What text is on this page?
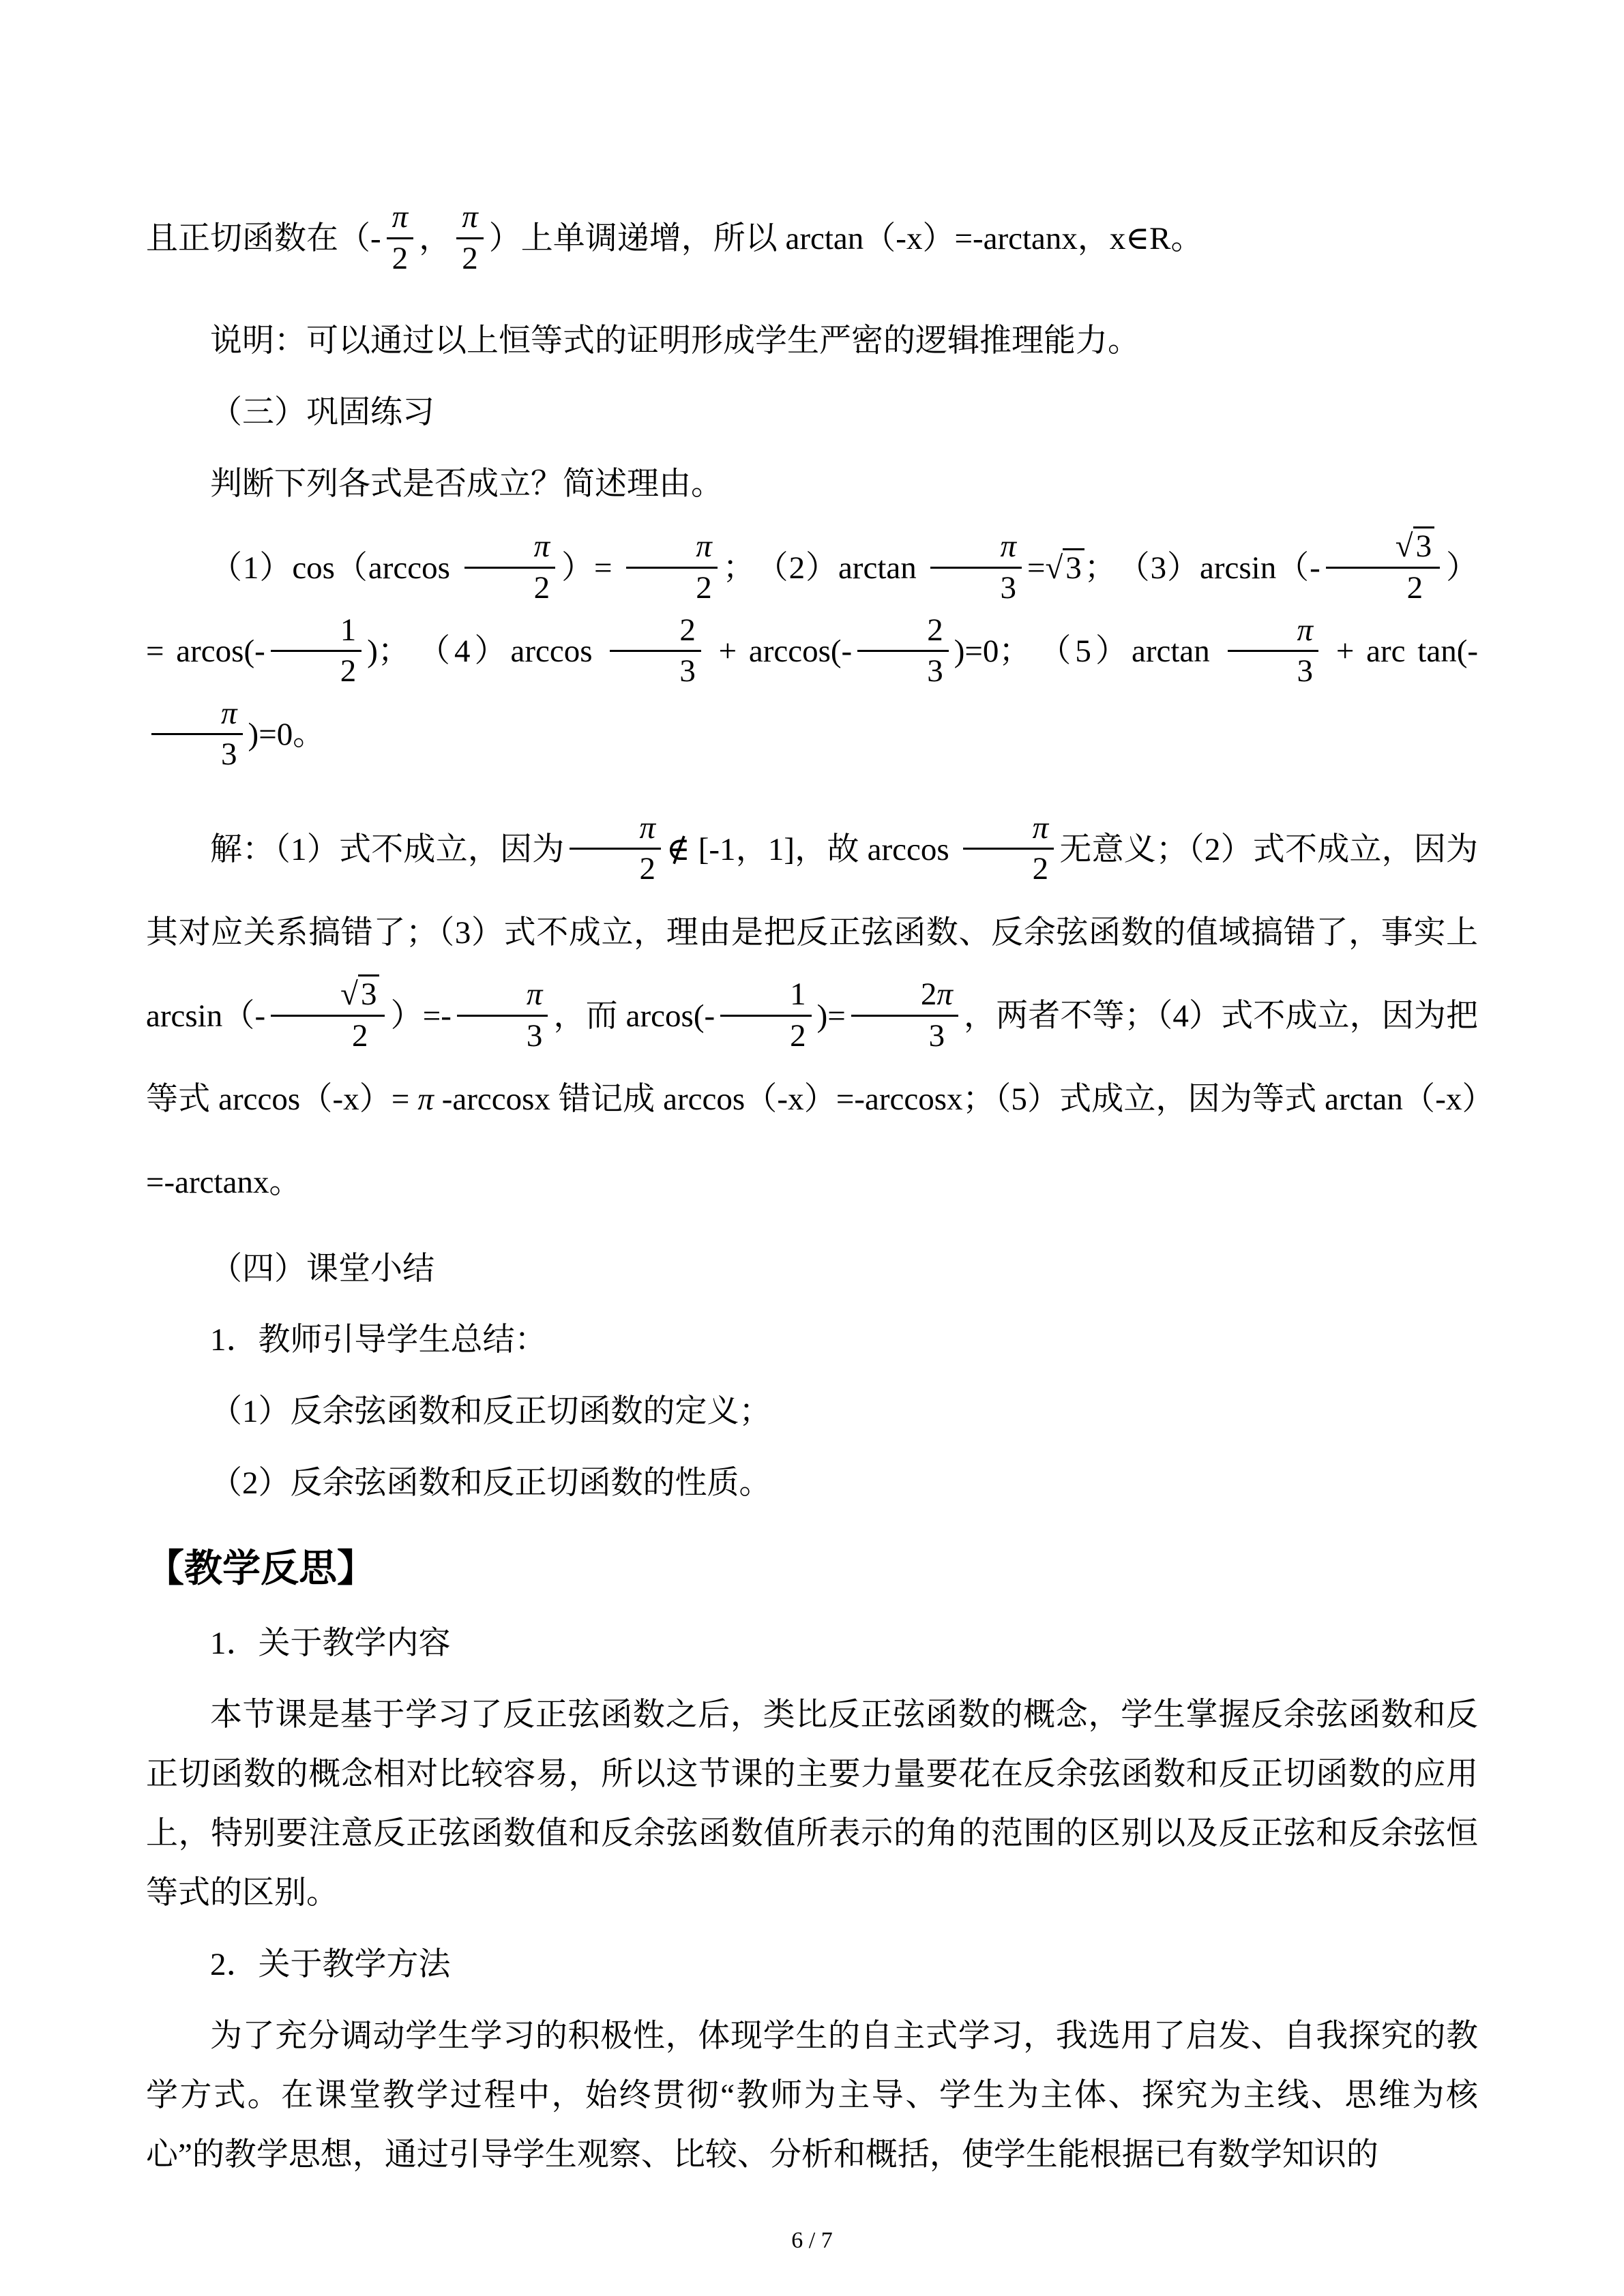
且正切函数在（- $\frac{\pi}{2}$ ， $\frac{\pi}{2}$ ）上单调递增，所以 arctan（-x）=-arctanx，x∈R。

说明：可以通过以上恒等式的证明形成学生严密的逻辑推理能力。

（三）巩固练习

判断下列各式是否成立？简述理由。

$(1)\cos(\arccos \frac{\pi}{2}$ ）= $\frac{\pi}{2}$ ；　$(2)\arctan \frac{\pi}{3} =√3$；　$(3)\arcsin(- \frac{√3}{2}$ ）= $arcos(- \frac{1}{2}$ )；　$(4)\arccos \frac{2}{3} + \arccos(- \frac{2}{3} )=0$；　$(5)\arctan \frac{\pi}{3}$ + arc tan(-
$\frac{\pi}{3} )=0$。

解：（1）式不成立，因为 $\frac{\pi}{2}$ ∉ [-1，1]，故 $\arccos \frac{\pi}{2}$ 无意义；（2）式不成立，因为其对应关系搞错了；（3）式不成立，理由是把反正弦函数、反余弦函数的值域搞错了，事实上 $\arcsin(- \frac{√3}{2}$ ）=- $\frac{\pi}{3}$ ，而 $arcos(- \frac{1}{2}$ )= $\frac{2\pi}{3}$ ，两者不等；（4）式不成立，因为把等式 arccos（-x）= π -arccosx 错记成 arccos（-x）=-arccosx；（5）式成立，因为等式 arctan（-x）=-arctanx。

（四）课堂小结

1．教师引导学生总结：

（1）反余弦函数和反正切函数的定义；

（2）反余弦函数和反正切函数的性质。

【教学反思】

1．关于教学内容

本节课是基于学习了反正弦函数之后，类比反正弦函数的概念，学生掌握反余弦函数和反正切函数的概念相对比较容易，所以这节课的主要力量要花在反余弦函数和反正切函数的应用上，特别要注意反正弦函数值和反余弦函数值所表示的角的范围的区别以及反正弦和反余弦恒等式的区别。

2．关于教学方法

为了充分调动学生学习的积极性，体现学生的自主式学习，我选用了启发、自我探究的教学方式。在课堂教学过程中，始终贯彻“教师为主导、学生为主体、探究为主线、思维为核心”的教学思想，通过引导学生观察、比较、分析和概括，使学生能根据已有数学知识的

6 / 7
